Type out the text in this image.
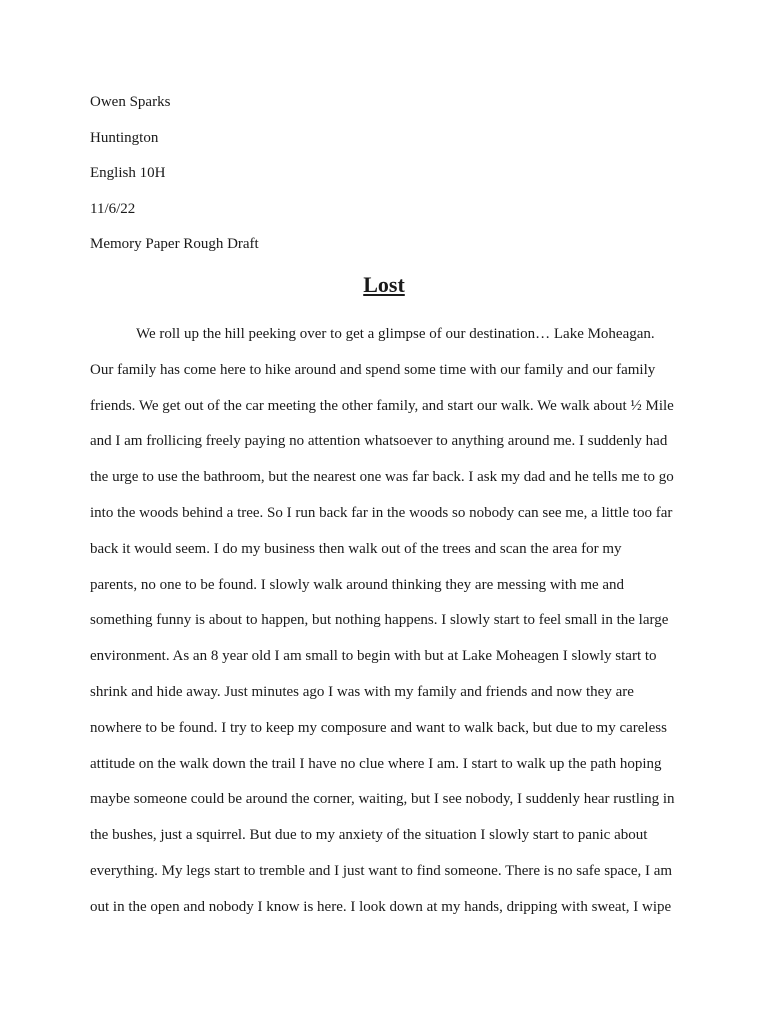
Owen Sparks
Huntington
English 10H
11/6/22
Memory Paper Rough Draft
Lost
We roll up the hill peeking over to get a glimpse of our destination… Lake Moheagan.
Our family has come here to hike around and spend some time with our family and our family
friends. We get out of the car meeting the other family, and start our walk. We walk about ½ Mile
and I am frollicing freely paying no attention whatsoever to anything around me. I suddenly had
the urge to use the bathroom, but the nearest one was far back. I ask my dad and he tells me to go
into the woods behind a tree. So I run back far in the woods so nobody can see me, a little too far
back it would seem. I do my business then walk out of the trees and scan the area for my
parents, no one to be found. I slowly walk around thinking they are messing with me and
something funny is about to happen, but nothing happens. I slowly start to feel small in the large
environment. As an 8 year old I am small to begin with but at Lake Moheagen I slowly start to
shrink and hide away. Just minutes ago I was with my family and friends and now they are
nowhere to be found. I try to keep my composure and want to walk back, but due to my careless
attitude on the walk down the trail I have no clue where I am. I start to walk up the path hoping
maybe someone could be around the corner, waiting, but I see nobody, I suddenly hear rustling in
the bushes, just a squirrel. But due to my anxiety of the situation I slowly start to panic about
everything. My legs start to tremble and I just want to find someone. There is no safe space, I am
out in the open and nobody I know is here. I look down at my hands, dripping with sweat, I wipe
